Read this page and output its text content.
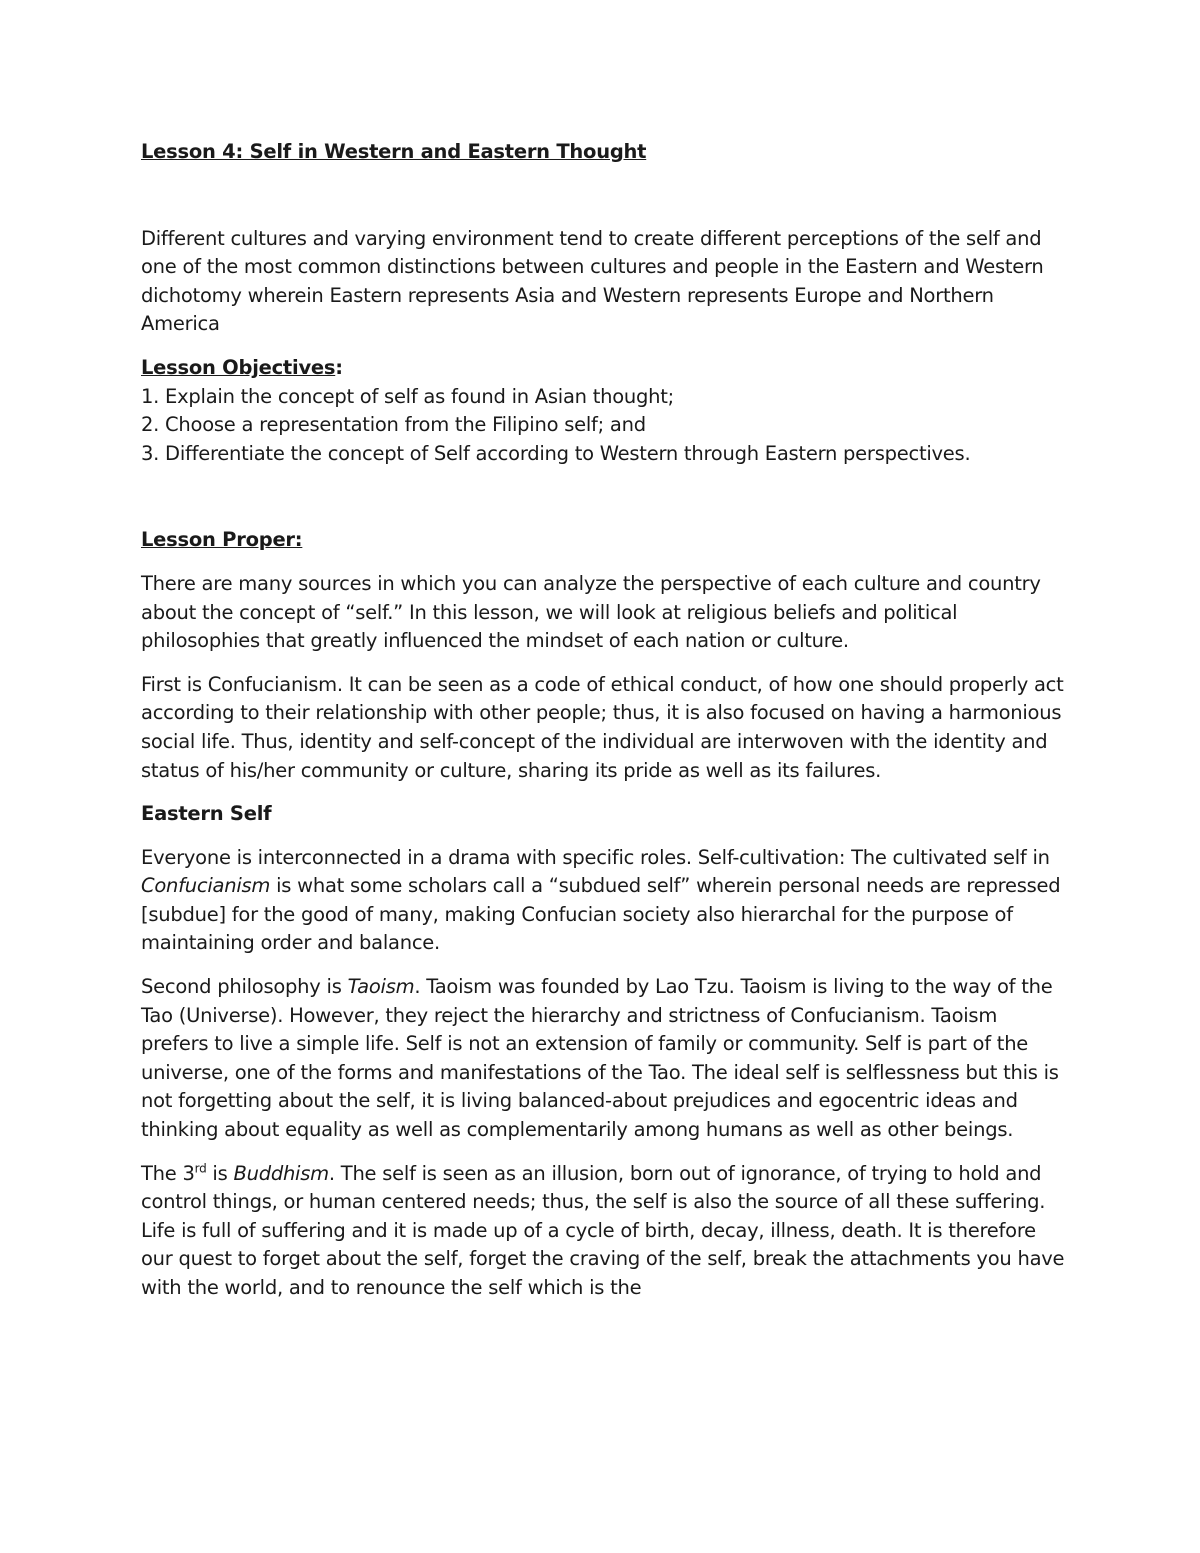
Lesson 4: Self in Western and Eastern Thought

Different cultures and varying environment tend to create different perceptions of the self and one of the most common distinctions between cultures and people in the Eastern and Western dichotomy wherein Eastern represents Asia and Western represents Europe and Northern America

Lesson Objectives:
1. Explain the concept of self as found in Asian thought;
2. Choose a representation from the Filipino self; and
3. Differentiate the concept of Self according to Western through Eastern perspectives.
Lesson Proper:

There are many sources in which you can analyze the perspective of each culture and country about the concept of “self.” In this lesson, we will look at religious beliefs and political philosophies that greatly influenced the mindset of each nation or culture.

First is Confucianism. It can be seen as a code of ethical conduct, of how one should properly act according to their relationship with other people; thus, it is also focused on having a harmonious social life. Thus, identity and self-concept of the individual are interwoven with the identity and status of his/her community or culture, sharing its pride as well as its failures.

Eastern Self

Everyone is interconnected in a drama with specific roles. Self-cultivation: The cultivated self in Confucianism is what some scholars call a “subdued self” wherein personal needs are repressed [subdue] for the good of many, making Confucian society also hierarchal for the purpose of maintaining order and balance.

Second philosophy is Taoism. Taoism was founded by Lao Tzu. Taoism is living to the way of the Tao (Universe). However, they reject the hierarchy and strictness of Confucianism. Taoism prefers to live a simple life. Self is not an extension of family or community. Self is part of the universe, one of the forms and manifestations of the Tao. The ideal self is selflessness but this is not forgetting about the self, it is living balanced-about prejudices and egocentric ideas and thinking about equality as well as complementarily among humans as well as other beings.

The 3rd is Buddhism. The self is seen as an illusion, born out of ignorance, of trying to hold and control things, or human centered needs; thus, the self is also the source of all these suffering. Life is full of suffering and it is made up of a cycle of birth, decay, illness, death. It is therefore our quest to forget about the self, forget the craving of the self, break the attachments you have with the world, and to renounce the self which is the
